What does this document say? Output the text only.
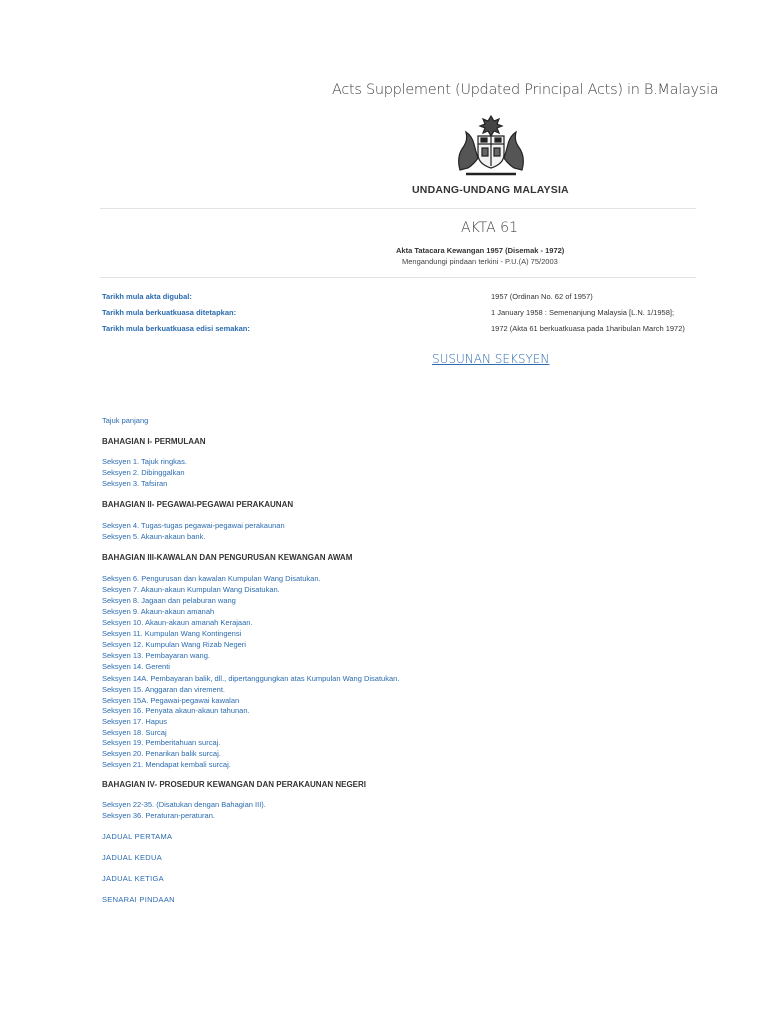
Acts Supplement (Updated Principal Acts) in B.Malaysia
UNDANG-UNDANG MALAYSIA
AKTA 61
Akta Tatacara Kewangan 1957 (Disemak - 1972)
Mengandungi pindaan terkini - P.U.(A) 75/2003
Tarikh mula akta digubal:	1957 (Ordinan No. 62 of 1957)
Tarikh mula berkuatkuasa ditetapkan:	1 January 1958 : Semenanjung Malaysia [L.N. 1/1958];
Tarikh mula berkuatkuasa edisi semakan:	1972 (Akta 61 berkuatkuasa pada 1haribulan March 1972)
SUSUNAN SEKSYEN
Tajuk panjang
BAHAGIAN I- PERMULAAN
Seksyen 1. Tajuk ringkas.
Seksyen 2. Dibinggalkan
Seksyen 3. Tafsiran
BAHAGIAN II- PEGAWAI-PEGAWAI PERAKAUNAN
Seksyen 4. Tugas-tugas pegawai-pegawai perakaunan
Seksyen 5. Akaun-akaun bank.
BAHAGIAN III-KAWALAN DAN PENGURUSAN KEWANGAN AWAM
Seksyen 6. Pengurusan dan kawalan Kumpulan Wang Disatukan.
Seksyen 7. Akaun-akaun Kumpulan Wang Disatukan.
Seksyen 8. Jagaan dan pelaburan wang
Seksyen 9. Akaun-akaun amanah
Seksyen 10. Akaun-akaun amanah Kerajaan.
Seksyen 11. Kumpulan Wang Kontingensi
Seksyen 12. Kumpulan Wang Rizab Negeri
Seksyen 13. Pembayaran wang.
Seksyen 14. Gerenti
Seksyen 14A. Pembayaran balik, dll., dipertanggungkan atas Kumpulan Wang Disatukan.
Seksyen 15. Anggaran dan virement.
Seksyen 15A. Pegawai-pegawai kawalan
Seksyen 16. Penyata akaun-akaun tahunan.
Seksyen 17. Hapus
Seksyen 18. Surcaj
Seksyen 19. Pemberitahuan surcaj.
Seksyen 20. Penarikan balik surcaj.
Seksyen 21. Mendapat kembali surcaj.
BAHAGIAN IV- PROSEDUR KEWANGAN DAN PERAKAUNAN NEGERI
Seksyen 22-35. (Disatukan dengan Bahagian III).
Seksyen 36. Peraturan-peraturan.
JADUAL PERTAMA
JADUAL KEDUA
JADUAL KETIGA
SENARAI PINDAAN
